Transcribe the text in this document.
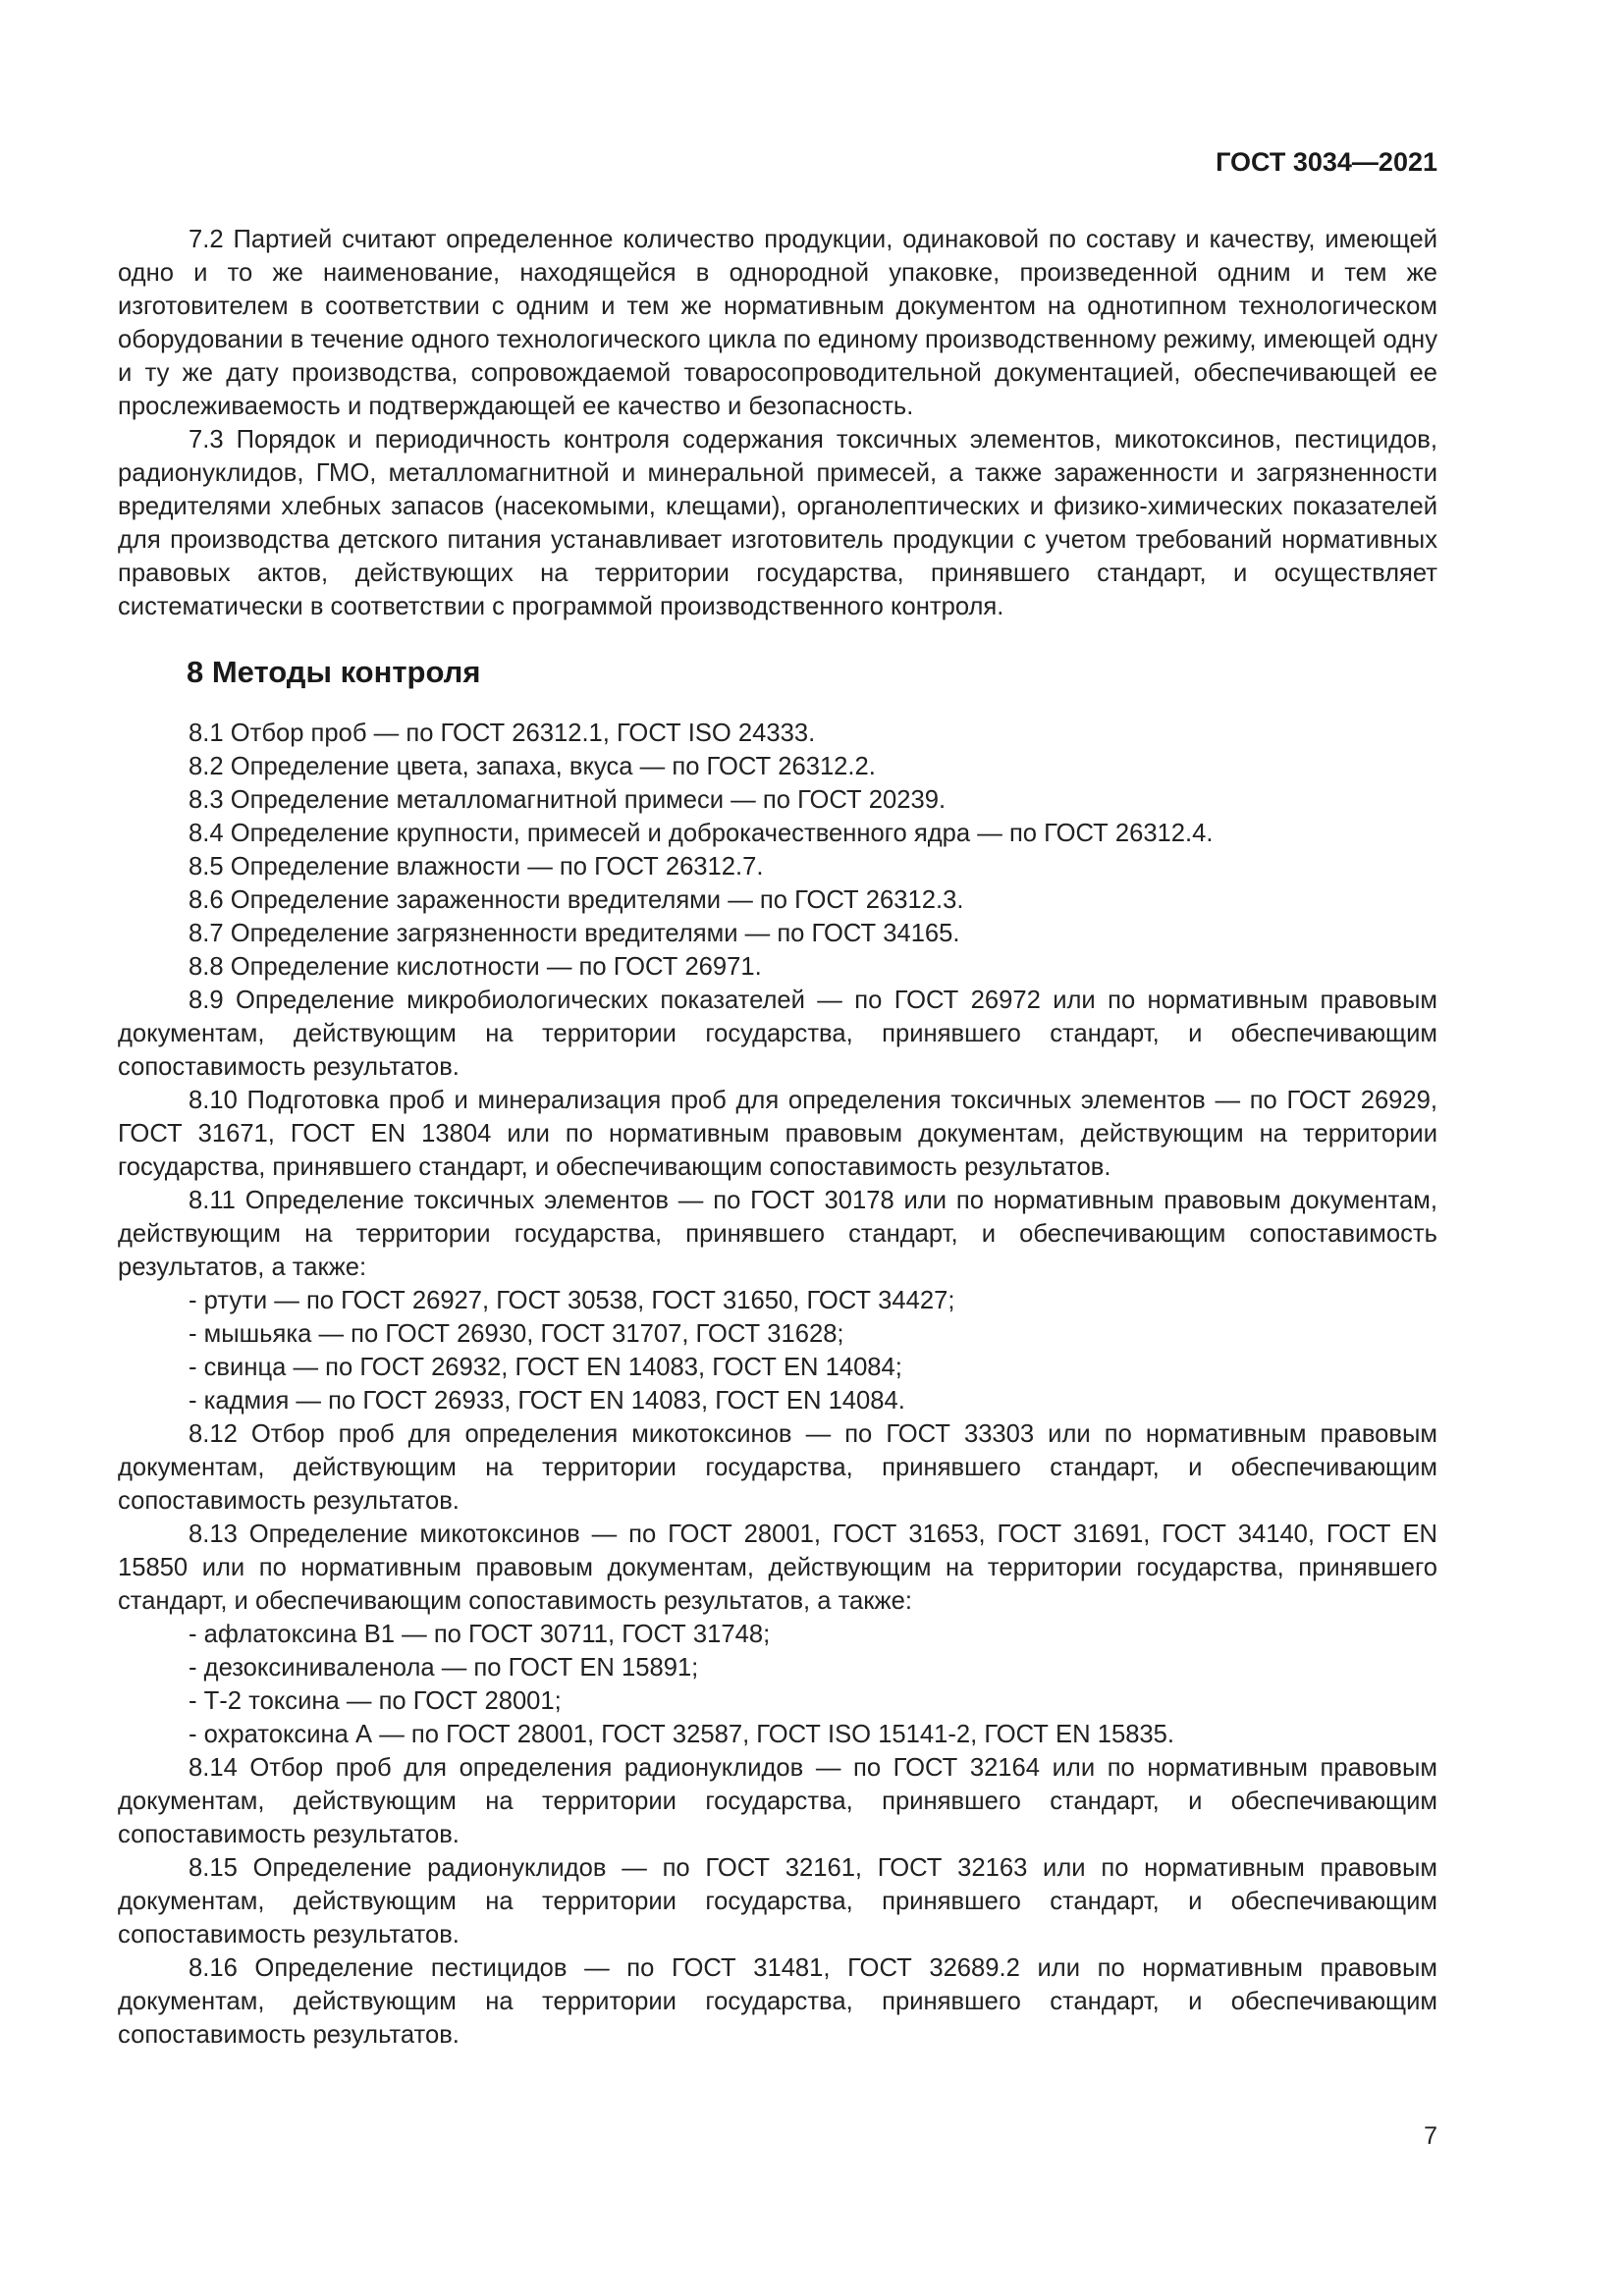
ГОСТ 3034—2021

7.2 Партией считают определенное количество продукции, одинаковой по составу и качеству, имеющей одно и то же наименование, находящейся в однородной упаковке, произведенной одним и тем же изготовителем в соответствии с одним и тем же нормативным документом на однотипном технологическом оборудовании в течение одного технологического цикла по единому производственному режиму, имеющей одну и ту же дату производства, сопровождаемой товаросопроводительной документацией, обеспечивающей ее прослеживаемость и подтверждающей ее качество и безопасность.

7.3 Порядок и периодичность контроля содержания токсичных элементов, микотоксинов, пестицидов, радионуклидов, ГМО, металломагнитной и минеральной примесей, а также зараженности и загрязненности вредителями хлебных запасов (насекомыми, клещами), органолептических и физико-химических показателей для производства детского питания устанавливает изготовитель продукции с учетом требований нормативных правовых актов, действующих на территории государства, принявшего стандарт, и осуществляет систематически в соответствии с программой производственного контроля.

8 Методы контроля

8.1 Отбор проб — по ГОСТ 26312.1, ГОСТ ISO 24333.

8.2 Определение цвета, запаха, вкуса — по ГОСТ 26312.2.

8.3 Определение металломагнитной примеси — по ГОСТ 20239.

8.4 Определение крупности, примесей и доброкачественного ядра — по ГОСТ 26312.4.

8.5 Определение влажности — по ГОСТ 26312.7.

8.6 Определение зараженности вредителями — по ГОСТ 26312.3.

8.7 Определение загрязненности вредителями — по ГОСТ 34165.

8.8 Определение кислотности — по ГОСТ 26971.

8.9 Определение микробиологических показателей — по ГОСТ 26972 или по нормативным правовым документам, действующим на территории государства, принявшего стандарт, и обеспечивающим сопоставимость результатов.

8.10 Подготовка проб и минерализация проб для определения токсичных элементов — по ГОСТ 26929, ГОСТ 31671, ГОСТ EN 13804 или по нормативным правовым документам, действующим на территории государства, принявшего стандарт, и обеспечивающим сопоставимость результатов.

8.11 Определение токсичных элементов — по ГОСТ 30178 или по нормативным правовым документам, действующим на территории государства, принявшего стандарт, и обеспечивающим сопоставимость результатов, а также:

- ртути — по ГОСТ 26927, ГОСТ 30538, ГОСТ 31650, ГОСТ 34427;

- мышьяка — по ГОСТ 26930, ГОСТ 31707, ГОСТ 31628;

- свинца — по ГОСТ 26932, ГОСТ EN 14083, ГОСТ EN 14084;

- кадмия — по ГОСТ 26933, ГОСТ EN 14083, ГОСТ EN 14084.

8.12 Отбор проб для определения микотоксинов — по ГОСТ 33303 или по нормативным правовым документам, действующим на территории государства, принявшего стандарт, и обеспечивающим сопоставимость результатов.

8.13 Определение микотоксинов — по ГОСТ 28001, ГОСТ 31653, ГОСТ 31691, ГОСТ 34140, ГОСТ EN 15850 или по нормативным правовым документам, действующим на территории государства, принявшего стандарт, и обеспечивающим сопоставимость результатов, а также:

- афлатоксина В1 — по ГОСТ 30711, ГОСТ 31748;

- дезоксиниваленола — по ГОСТ EN 15891;

- Т-2 токсина — по ГОСТ 28001;

- охратоксина А — по ГОСТ 28001, ГОСТ 32587, ГОСТ ISO 15141-2, ГОСТ EN 15835.

8.14 Отбор проб для определения радионуклидов — по ГОСТ 32164 или по нормативным правовым документам, действующим на территории государства, принявшего стандарт, и обеспечивающим сопоставимость результатов.

8.15 Определение радионуклидов — по ГОСТ 32161, ГОСТ 32163 или по нормативным правовым документам, действующим на территории государства, принявшего стандарт, и обеспечивающим сопоставимость результатов.

8.16 Определение пестицидов — по ГОСТ 31481, ГОСТ 32689.2 или по нормативным правовым документам, действующим на территории государства, принявшего стандарт, и обеспечивающим сопоставимость результатов.

7
